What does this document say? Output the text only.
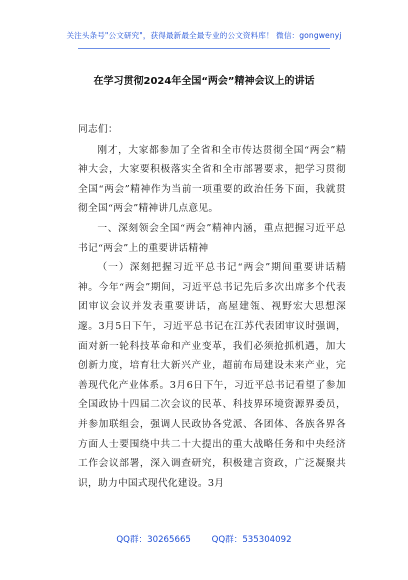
关注头条号"公文研究"，获得最新最全最专业的公文资料库！ 微信：gongwenyj
在学习贯彻2024年全国“两会”精神会议上的讲话

同志们：

刚才，大家都参加了全省和全市传达贯彻全国“两会”精神大会，大家要积极落实全省和全市部署要求，把学习贯彻全国“两会”精神作为当前一项重要的政治任务下面，我就贯彻全国“两会”精神讲几点意见。

一、深刻领会全国“两会”精神内涵，重点把握习近平总书记“两会”上的重要讲话精神

（一）深刻把握习近平总书记“两会”期间重要讲话精神。今年“两会”期间，习近平总书记先后多次出席多个代表团审议会议并发表重要讲话，高屋建瓴、视野宏大思想深邃。3月5日下午，习近平总书记在江苏代表团审议时强调，面对新一轮科技革命和产业变革，我们必须抢抓机遇，加大创新力度，培育壮大新兴产业，超前布局建设未来产业，完善现代化产业体系。3月6日下午，习近平总书记看望了参加全国政协十四届二次会议的民革、科技界环境资源界委员，并参加联组会，强调人民政协各党派、各团体、各族各界各方面人士要围绕中共二十大提出的重大战略任务和中央经济工作会议部署，深入调查研究，积极建言资政，广泛凝聚共识，助力中国式现代化建设。3月

QQ群：30265665 QQ群：535304092
